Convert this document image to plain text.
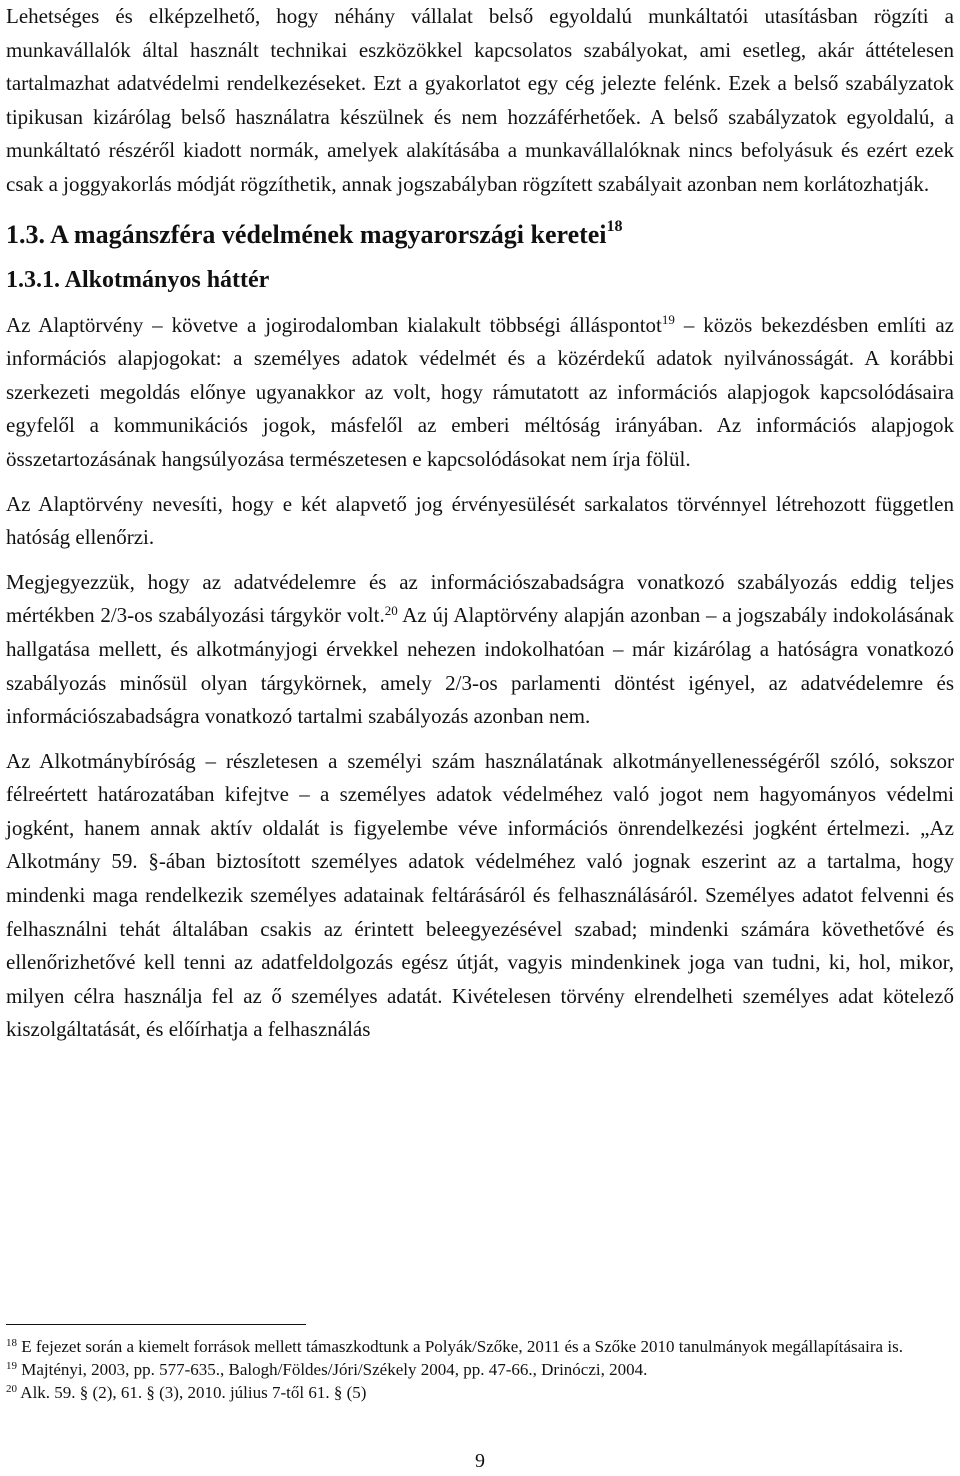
Lehetséges és elképzelhető, hogy néhány vállalat belső egyoldalú munkáltatói utasításban rögzíti a munkavállalók által használt technikai eszközökkel kapcsolatos szabályokat, ami esetleg, akár áttételesen tartalmazhat adatvédelmi rendelkezéseket. Ezt a gyakorlatot egy cég jelezte felénk. Ezek a belső szabályzatok tipikusan kizárólag belső használatra készülnek és nem hozzáférhetőek. A belső szabályzatok egyoldalú, a munkáltató részéről kiadott normák, amelyek alakításába a munkavállalóknak nincs befolyásuk és ezért ezek csak a joggyakorlás módját rögzíthetik, annak jogszabályban rögzített szabályait azonban nem korlátozhatják.

1.3. A magánszféra védelmének magyarországi keretei$^{18}$
1.3.1. Alkotmányos háttér

Az Alaptörvény – követve a jogirodalomban kialakult többségi álláspontot$^{19}$ – közös bekezdésben említi az információs alapjogokat: a személyes adatok védelmét és a közérdekű adatok nyilvánosságát. A korábbi szerkezeti megoldás előnye ugyanakkor az volt, hogy rámutatott az információs alapjogok kapcsolódásaira egyfelől a kommunikációs jogok, másfelől az emberi méltóság irányában. Az információs alapjogok összetartozásának hangsúlyozása természetesen e kapcsolódásokat nem írja fölül.

Az Alaptörvény nevesíti, hogy e két alapvető jog érvényesülését sarkalatos törvénnyel létrehozott független hatóság ellenőrzi.

Megjegyezzük, hogy az adatvédelemre és az információszabadságra vonatkozó szabályozás eddig teljes mértékben 2/3-os szabályozási tárgykör volt.$^{20}$ Az új Alaptörvény alapján azonban – a jogszabály indokolásának hallgatása mellett, és alkotmányjogi érvekkel nehezen indokolhatóan – már kizárólag a hatóságra vonatkozó szabályozás minősül olyan tárgykörnek, amely 2/3-os parlamenti döntést igényel, az adatvédelemre és információszabadságra vonatkozó tartalmi szabályozás azonban nem.

Az Alkotmánybíróság – részletesen a személyi szám használatának alkotmányellenességéről szóló, sokszor félreértett határozatában kifejtve – a személyes adatok védelméhez való jogot nem hagyományos védelmi jogként, hanem annak aktív oldalát is figyelembe véve információs önrendelkezési jogként értelmezi. „Az Alkotmány 59. §-ában biztosított személyes adatok védelméhez való jognak eszerint az a tartalma, hogy mindenki maga rendelkezik személyes adatainak feltárásáról és felhasználásáról. Személyes adatot felvenni és felhasználni tehát általában csakis az érintett beleegyezésével szabad; mindenki számára követhetővé és ellenőrizhetővé kell tenni az adatfeldolgozás egész útját, vagyis mindenkinek joga van tudni, ki, hol, mikor, milyen célra használja fel az ő személyes adatát. Kivételesen törvény elrendelheti személyes adat kötelező kiszolgáltatását, és előírhatja a felhasználás

$^{18}$ E fejezet során a kiemelt források mellett támaszkodtunk a Polyák/Szőke, 2011 és a Szőke 2010 tanulmányok megállapításaira is.

$^{19}$ Majtényi, 2003, pp. 577-635., Balogh/Földes/Jóri/Székely 2004, pp. 47-66., Drinóczi, 2004.

$^{20}$ Alk. 59. § (2), 61. § (3), 2010. július 7-től 61. § (5)

9
